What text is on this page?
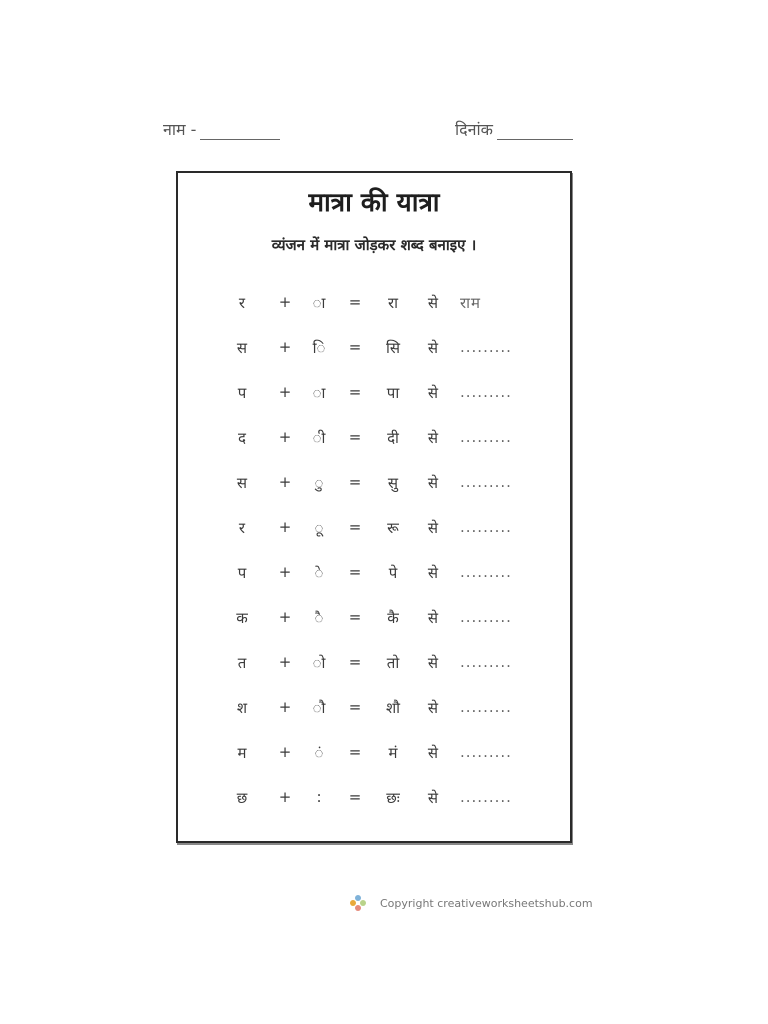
नाम -	दिनांक
मात्रा की यात्रा
व्यंजन में मात्रा जोड़कर शब्द बनाइए ।
र	+	ा	=	रा	से	राम
स	+	ि	=	सि	से	.........
प	+	ा	=	पा	से	.........
द	+	ी	=	दी	से	.........
स	+	ु	=	सु	से	.........
र	+	ू	=	रू	से	.........
प	+	े	=	पे	से	.........
क	+	ै	=	कै	से	.........
त	+	ो	=	तो	से	.........
श	+	ौ	=	शौ	से	.........
म	+	ं	=	मं	से	.........
छ	+	:	=	छः	से	.........
Copyright creativeworksheetshub.com
